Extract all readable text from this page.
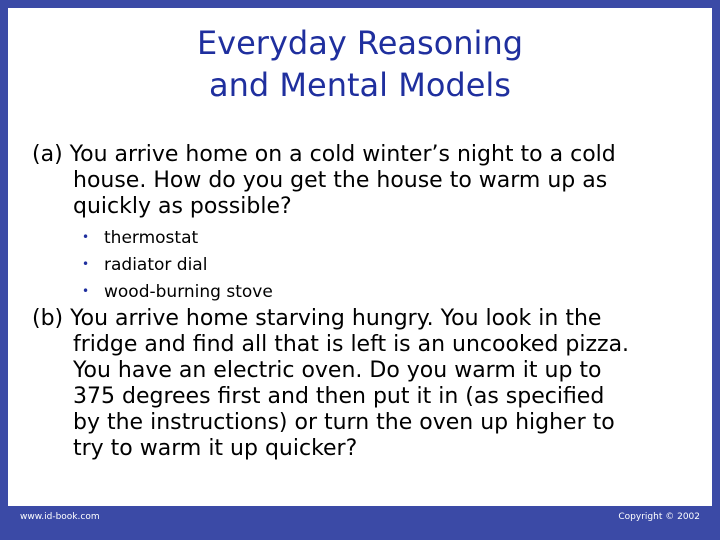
Everyday Reasoning
and Mental Models
(a) You arrive home on a cold winter’s night to a cold
house. How do you get the house to warm up as
quickly as possible?
• thermostat
• radiator dial
• wood-burning stove
(b) You arrive home starving hungry. You look in the
fridge and find all that is left is an uncooked pizza.
You have an electric oven. Do you warm it up to
375 degrees first and then put it in (as specified
by the instructions) or turn the oven up higher to
try to warm it up quicker?
www.id-book.com	Copyright © 2002
